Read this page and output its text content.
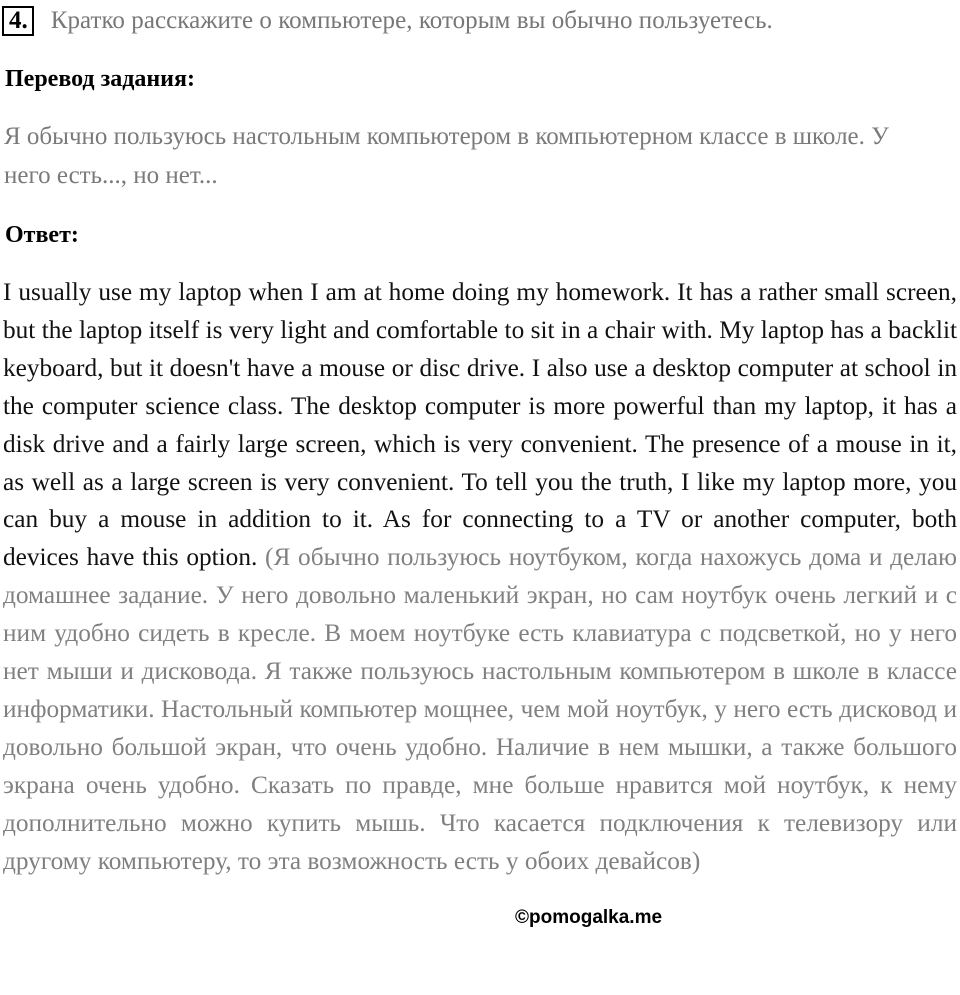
4. Кратко расскажите о компьютере, которым вы обычно пользуетесь.
Перевод задания:

Я обычно пользуюсь настольным компьютером в компьютерном классе в школе. У него есть..., но нет...

Ответ:

I usually use my laptop when I am at home doing my homework. It has a rather small screen, but the laptop itself is very light and comfortable to sit in a chair with. My laptop has a backlit keyboard, but it doesn't have a mouse or disc drive. I also use a desktop computer at school in the computer science class. The desktop computer is more powerful than my laptop, it has a disk drive and a fairly large screen, which is very convenient. The presence of a mouse in it, as well as a large screen is very convenient. To tell you the truth, I like my laptop more, you can buy a mouse in addition to it. As for connecting to a TV or another computer, both devices have this option. (Я обычно пользуюсь ноутбуком, когда нахожусь дома и делаю домашнее задание. У него довольно маленький экран, но сам ноутбук очень легкий и с ним удобно сидеть в кресле. В моем ноутбуке есть клавиатура с подсветкой, но у него нет мыши и дисковода. Я также пользуюсь настольным компьютером в школе в классе информатики. Настольный компьютер мощнее, чем мой ноутбук, у него есть дисковод и довольно большой экран, что очень удобно. Наличие в нем мышки, а также большого экрана очень удобно. Сказать по правде, мне больше нравится мой ноутбук, к нему дополнительно можно купить мышь. Что касается подключения к телевизору или другому компьютеру, то эта возможность есть у обоих девайсов)

©pomogalka.me
